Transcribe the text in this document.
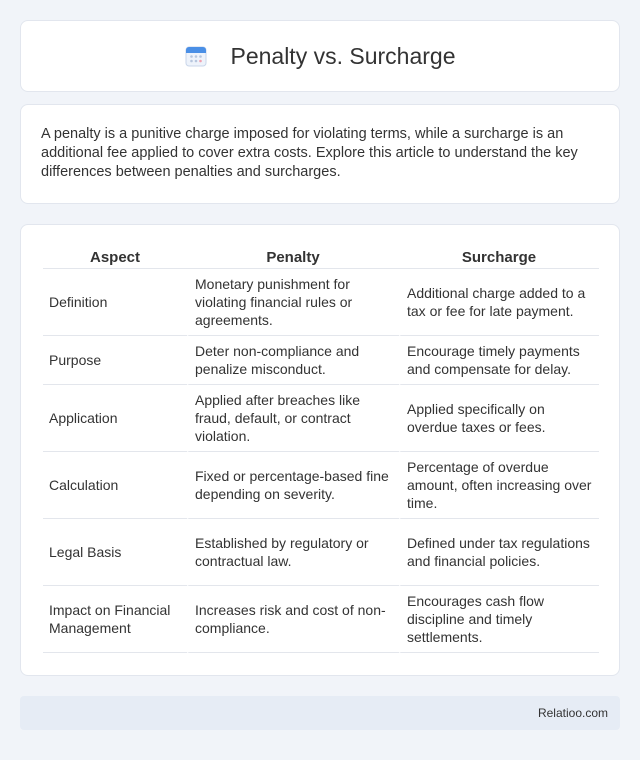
Penalty vs. Surcharge

A penalty is a punitive charge imposed for violating terms, while a surcharge is an additional fee applied to cover extra costs. Explore this article to understand the key differences between penalties and surcharges.

Aspect	Penalty	Surcharge
Definition	Monetary punishment for violating financial rules or agreements.	Additional charge added to a tax or fee for late payment.
Purpose	Deter non-compliance and penalize misconduct.	Encourage timely payments and compensate for delay.
Application	Applied after breaches like fraud, default, or contract violation.	Applied specifically on overdue taxes or fees.
Calculation	Fixed or percentage-based fine depending on severity.	Percentage of overdue amount, often increasing over time.
Legal Basis	Established by regulatory or contractual law.	Defined under tax regulations and financial policies.
Impact on Financial Management	Increases risk and cost of non-compliance.	Encourages cash flow discipline and timely settlements.
Relatioo.com
